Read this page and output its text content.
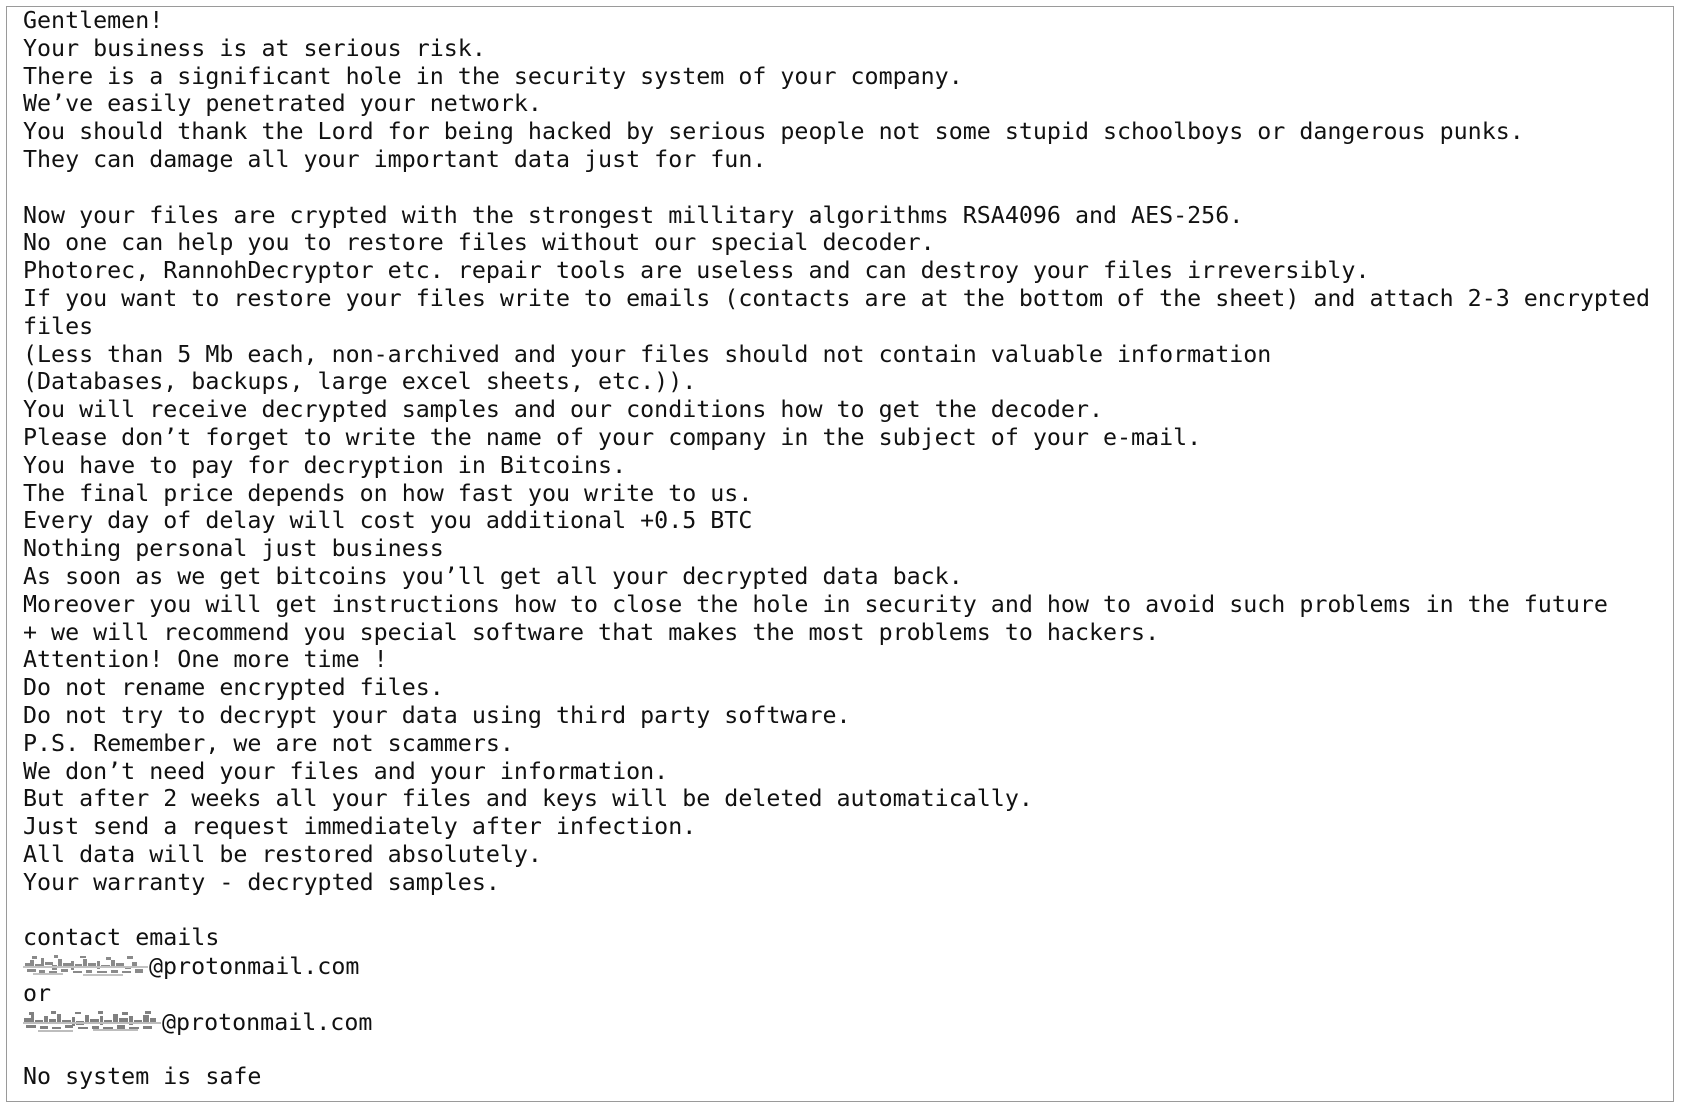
Gentlemen!
Your business is at serious risk.
There is a significant hole in the security system of your company.
We’ve easily penetrated your network.
You should thank the Lord for being hacked by serious people not some stupid schoolboys or dangerous punks.
They can damage all your important data just for fun.
Now your files are crypted with the strongest millitary algorithms RSA4096 and AES-256.
No one can help you to restore files without our special decoder.
Photorec, RannohDecryptor etc. repair tools are useless and can destroy your files irreversibly.
If you want to restore your files write to emails (contacts are at the bottom of the sheet) and attach 2-3 encrypted
files
(Less than 5 Mb each, non-archived and your files should not contain valuable information
(Databases, backups, large excel sheets, etc.)).
You will receive decrypted samples and our conditions how to get the decoder.
Please don’t forget to write the name of your company in the subject of your e-mail.
You have to pay for decryption in Bitcoins.
The final price depends on how fast you write to us.
Every day of delay will cost you additional +0.5 BTC
Nothing personal just business
As soon as we get bitcoins you’ll get all your decrypted data back.
Moreover you will get instructions how to close the hole in security and how to avoid such problems in the future
+ we will recommend you special software that makes the most problems to hackers.
Attention! One more time !
Do not rename encrypted files.
Do not try to decrypt your data using third party software.
P.S. Remember, we are not scammers.
We don’t need your files and your information.
But after 2 weeks all your files and keys will be deleted automatically.
Just send a request immediately after infection.
All data will be restored absolutely.
Your warranty - decrypted samples.
contact emails
@protonmail.com
or
@protonmail.com
No system is safe
